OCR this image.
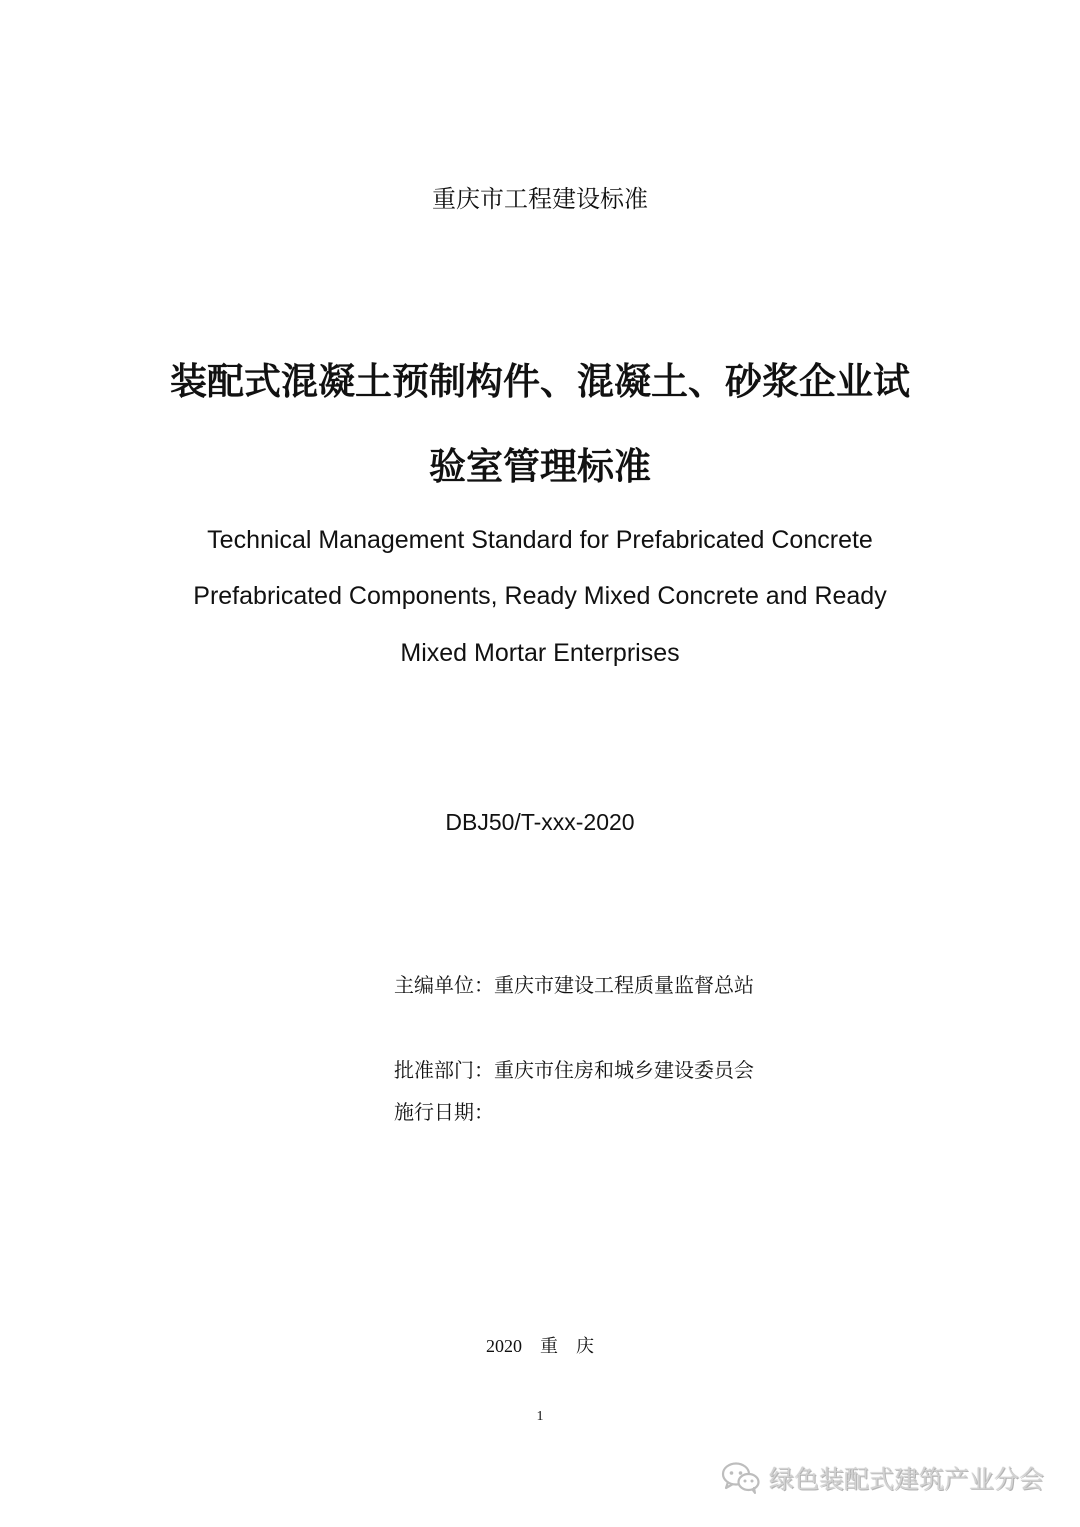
重庆市工程建设标准
装配式混凝土预制构件、混凝土、砂浆企业试
验室管理标准
Technical Management Standard for Prefabricated Concrete
Prefabricated Components, Ready Mixed Concrete and Ready
Mixed Mortar Enterprises
DBJ50/T-xxx-2020
主编单位：重庆市建设工程质量监督总站
批准部门：重庆市住房和城乡建设委员会
施行日期：
2020 重庆
1
绿色装配式建筑产业分会
